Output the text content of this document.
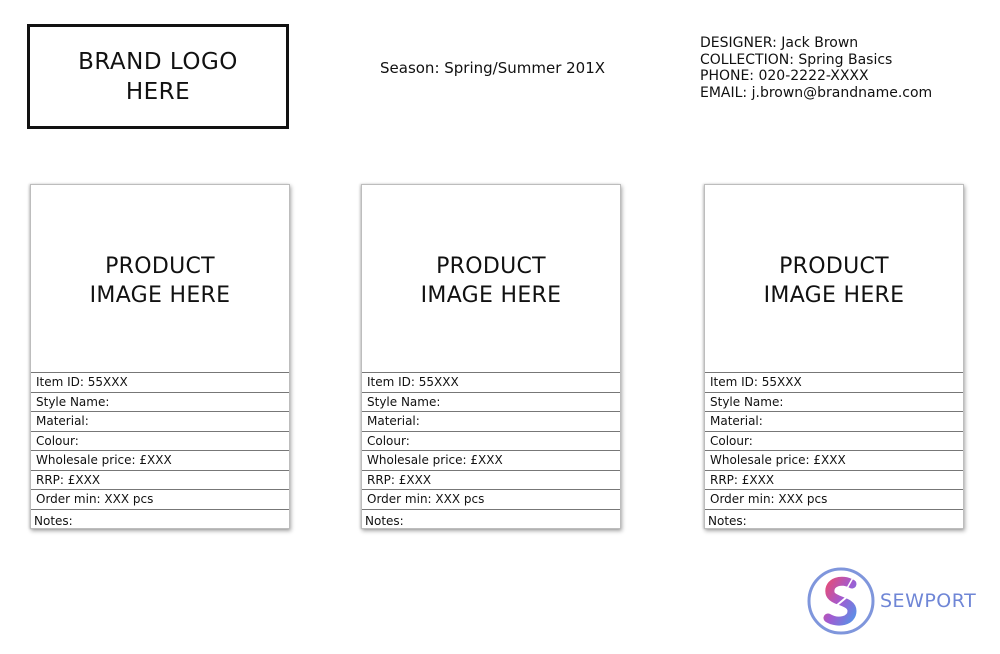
BRAND LOGO
HERE
Season: Spring/Summer 201X
DESIGNER: Jack Brown
COLLECTION: Spring Basics
PHONE: 020-2222-XXXX
EMAIL: j.brown@brandname.com
PRODUCT
IMAGE HERE
Item ID: 55XXX
Style Name:
Material:
Colour:
Wholesale price: £XXX
RRP: £XXX
Order min: XXX pcs
Notes:
PRODUCT
IMAGE HERE
Item ID: 55XXX
Style Name:
Material:
Colour:
Wholesale price: £XXX
RRP: £XXX
Order min: XXX pcs
Notes:
PRODUCT
IMAGE HERE
Item ID: 55XXX
Style Name:
Material:
Colour:
Wholesale price: £XXX
RRP: £XXX
Order min: XXX pcs
Notes:
SEWPORT
